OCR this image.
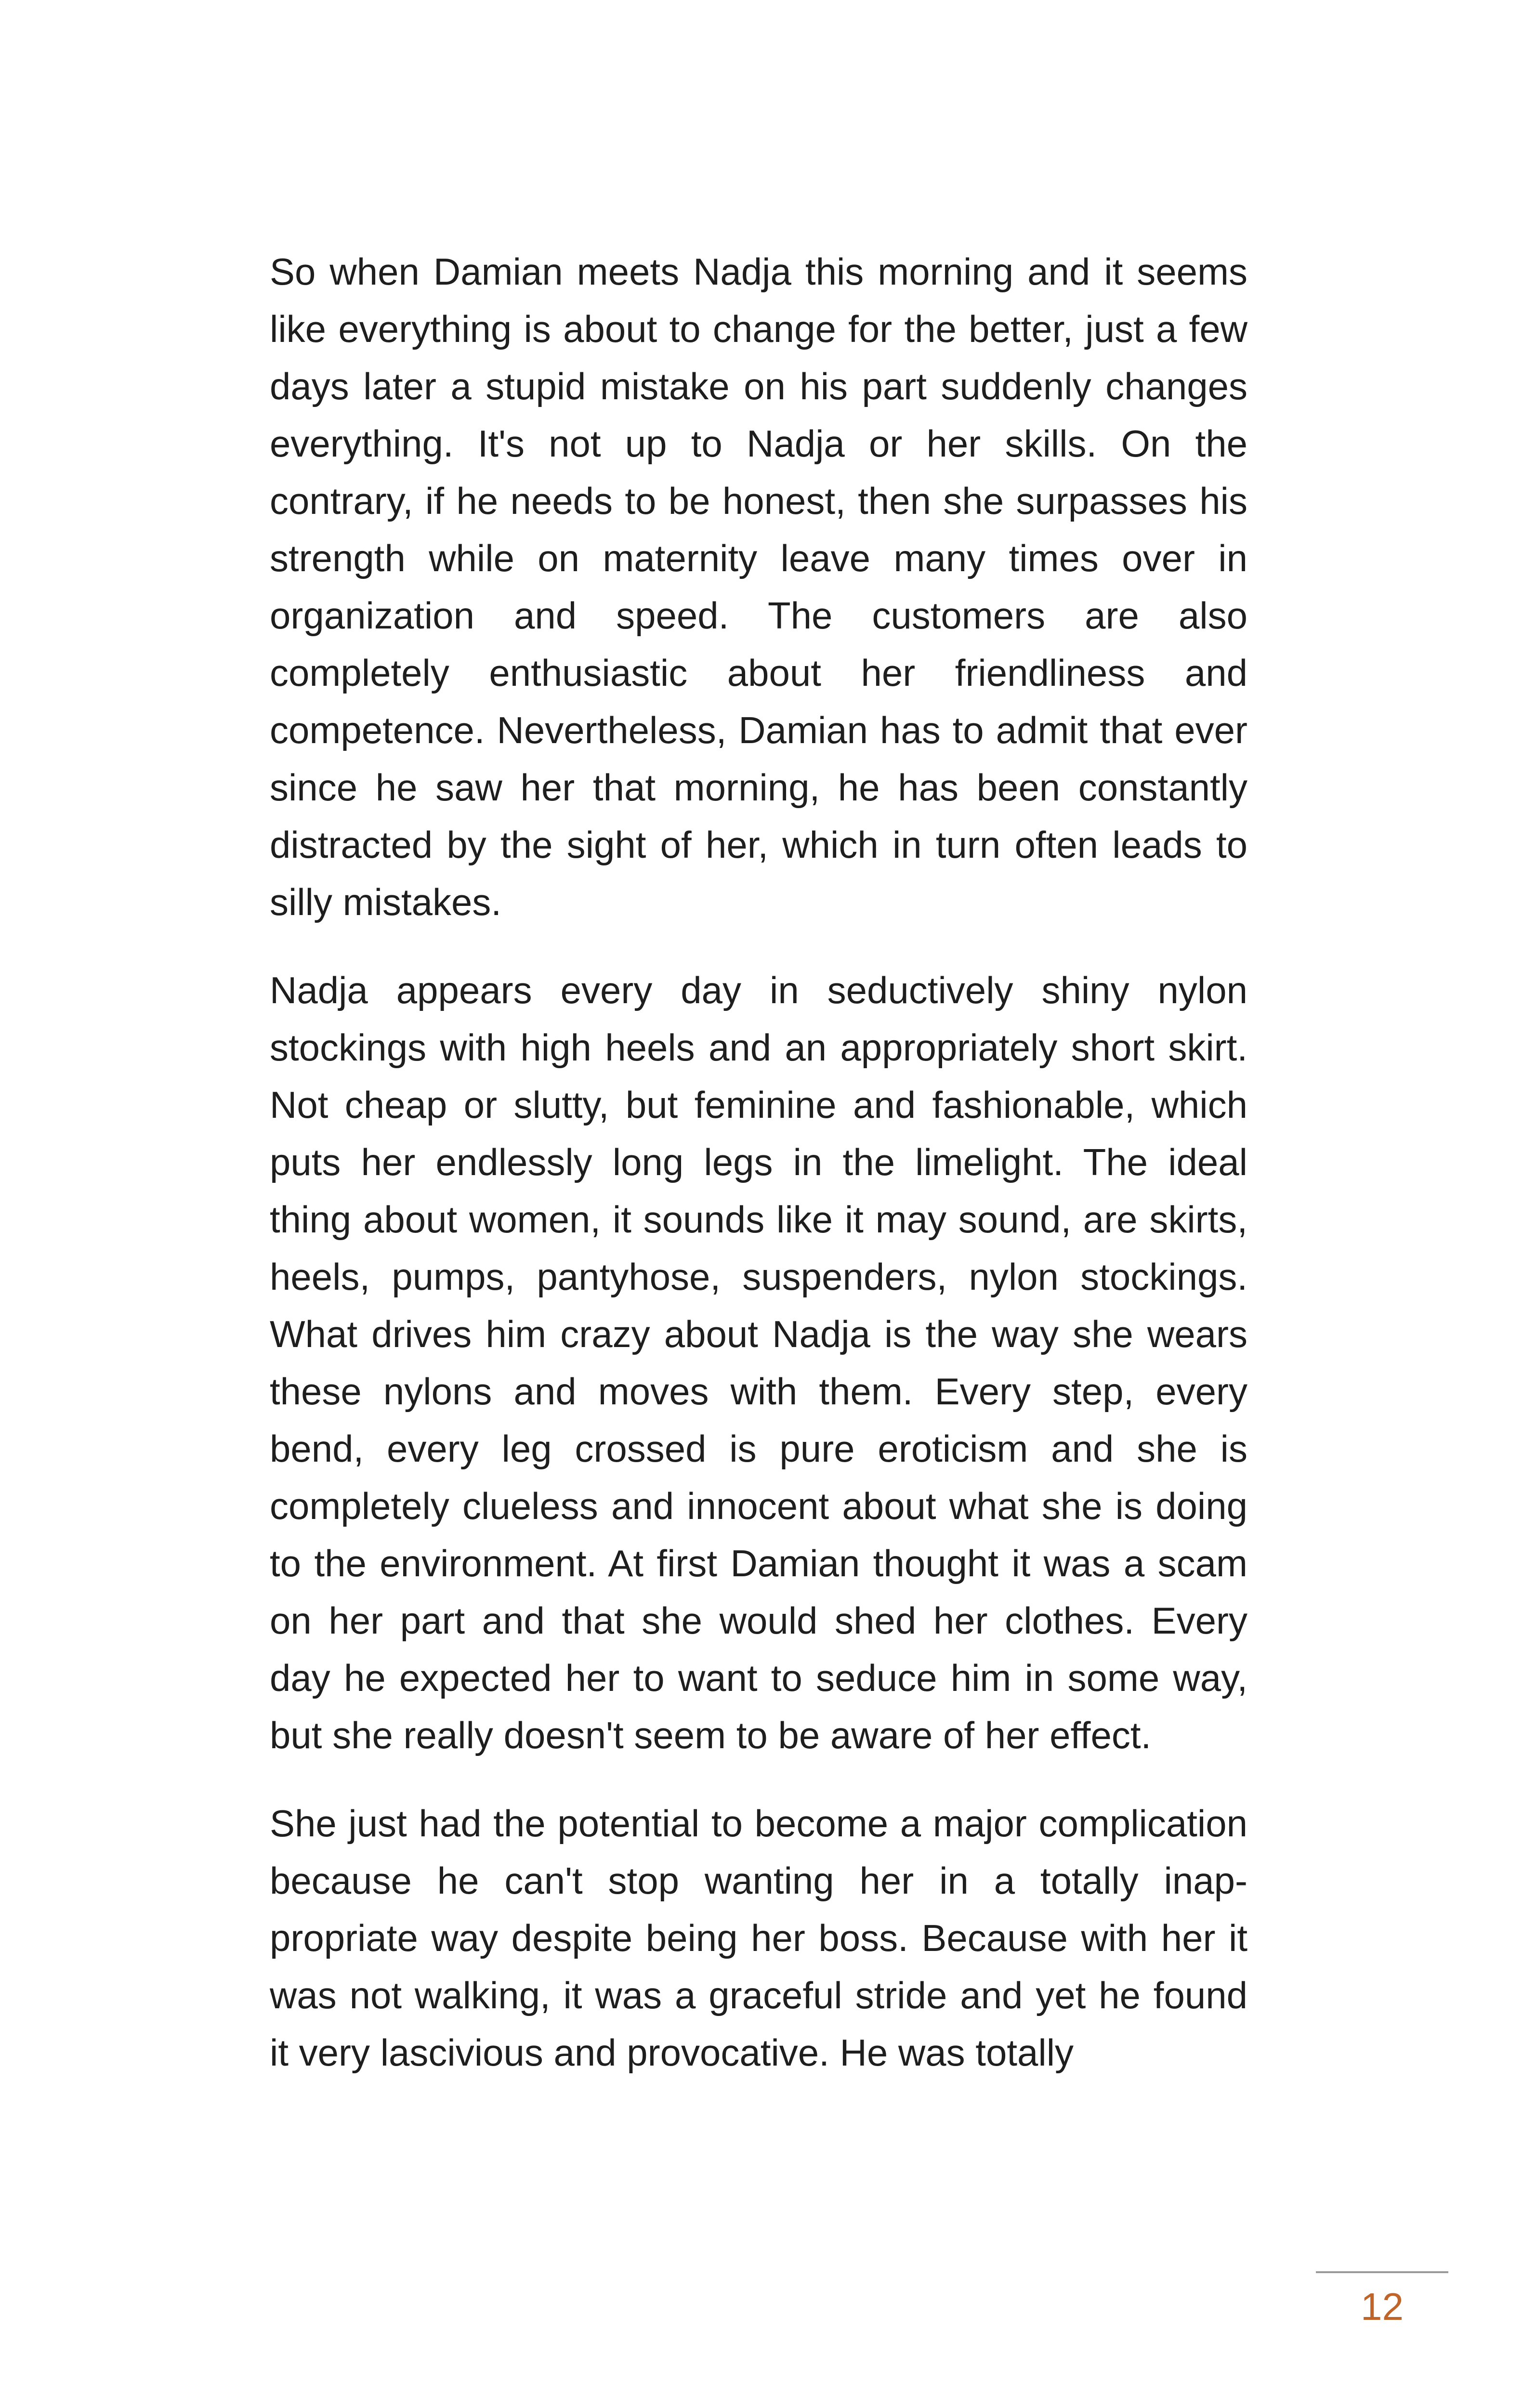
So when Damian meets Nadja this morning and it seems like everything is about to change for the better, just a few days later a stupid mistake on his part suddenly changes everything. It's not up to Nadja or her skills. On the contrary, if he needs to be honest, then she surpasses his strength while on maternity leave many times over in organization and speed. The customers are also completely enthusiastic about her friendliness and competence. Nevertheless, Damian has to admit that ever since he saw her that morning, he has been constantly distracted by the sight of her, which in turn often leads to silly mistakes.

Nadja appears every day in seductively shiny nylon stockings with high heels and an appropriately short skirt. Not cheap or slutty, but feminine and fashionable, which puts her endlessly long legs in the limelight. The ideal thing about women, it sounds like it may sound, are skirts, heels, pumps, pantyhose, suspenders, nylon stockings. What drives him crazy about Nadja is the way she wears these nylons and moves with them. Every step, every bend, every leg crossed is pure eroticism and she is completely clueless and innocent about what she is doing to the environment. At first Damian thought it was a scam on her part and that she would shed her clothes. Every day he expected her to want to seduce him in some way, but she really doesn't seem to be aware of her effect.

She just had the potential to become a major complication because he can't stop wanting her in a totally inappropriate way despite being her boss. Because with her it was not walking, it was a graceful stride and yet he found it very lascivious and provocative. He was totally

12
